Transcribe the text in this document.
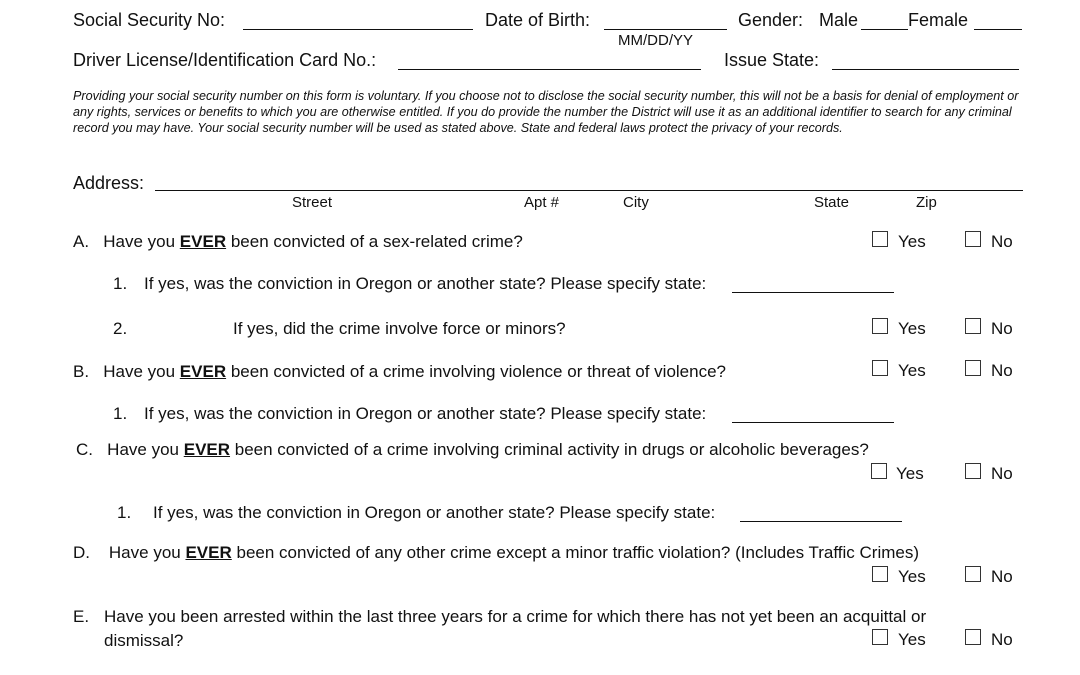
Social Security No:	Date of Birth:
MM/DD/YY
Gender: Male	Female
Driver License/Identification Card No.:	Issue State:
Providing your social security number on this form is voluntary. If you choose not to disclose the social security number, this will not be a basis for denial of employment or any rights, services or benefits to which you are otherwise entitled. If you do provide the number the District will use it as an additional identifier to search for any criminal record you may have. Your social security number will be used as stated above. State and federal laws protect the privacy of your records.
Address:
Street	Apt #	City	State	Zip
A. Have you EVER been convicted of a sex-related crime?	Yes	No
1. If yes, was the conviction in Oregon or another state? Please specify state:
2.	If yes, did the crime involve force or minors?	Yes	No
B. Have you EVER been convicted of a crime involving violence or threat of violence?	Yes	No
1. If yes, was the conviction in Oregon or another state? Please specify state:
C. Have you EVER been convicted of a crime involving criminal activity in drugs or alcoholic beverages?
Yes	No
1. If yes, was the conviction in Oregon or another state? Please specify state:
D. Have you EVER been convicted of any other crime except a minor traffic violation? (Includes Traffic Crimes)
Yes	No
E. Have you been arrested within the last three years for a crime for which there has not yet been an acquittal or
dismissal?	Yes	No
